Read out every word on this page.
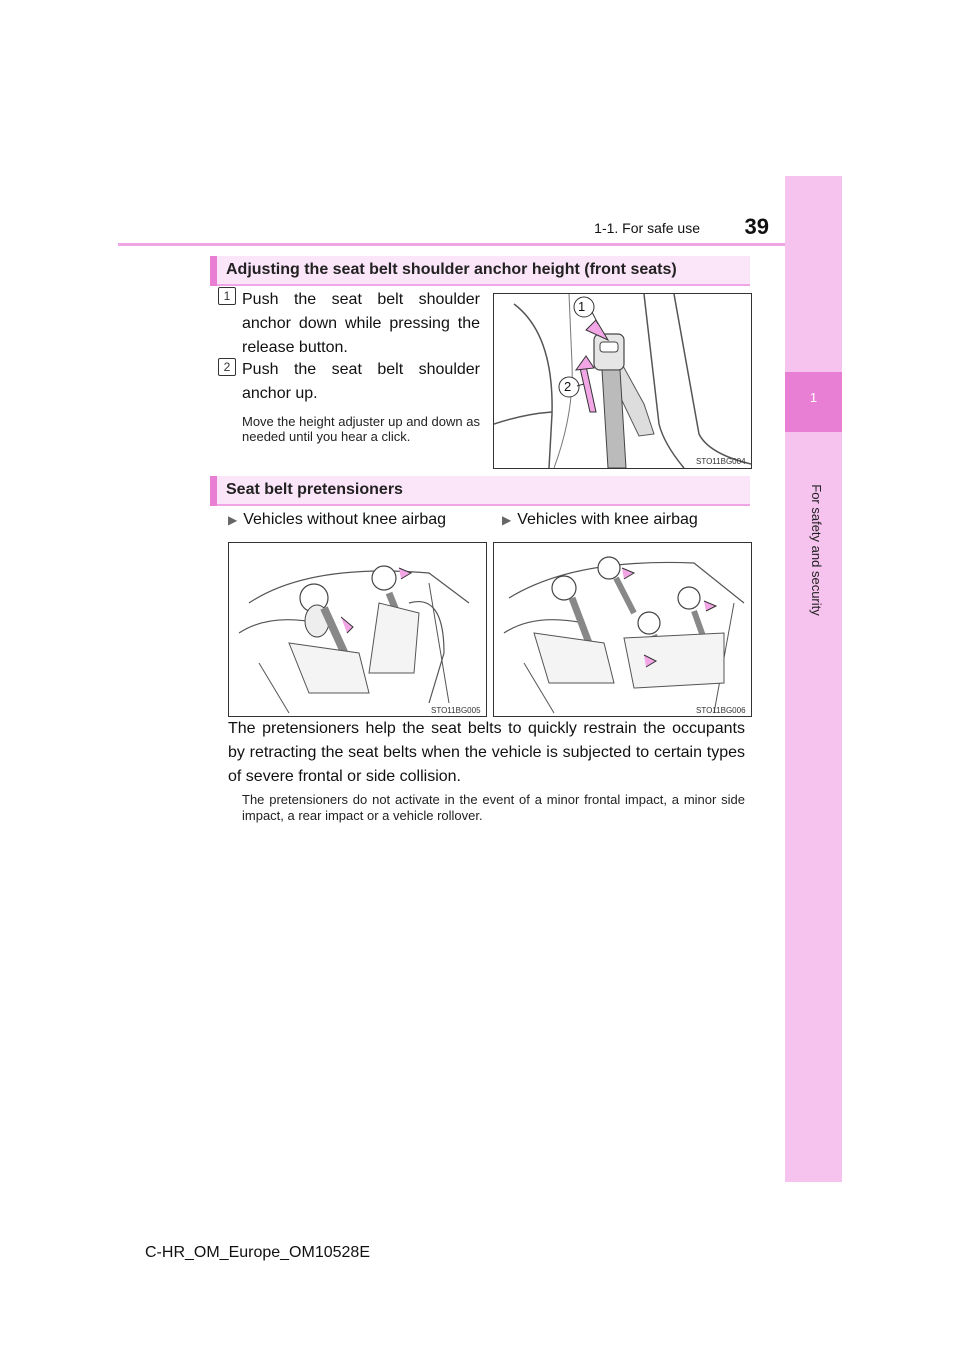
1
For safety and security
1-1. For safe use	39
Adjusting the seat belt shoulder anchor height (front seats)
1 Push the seat belt shoulder anchor down while pressing the release button.
2 Push the seat belt shoulder anchor up.
Move the height adjuster up and down as needed until you hear a click.
1
2
STO11BG004
Seat belt pretensioners
▶ Vehicles without knee airbag	▶ Vehicles with knee airbag
STO11BG005	STO11BG006
The pretensioners help the seat belts to quickly restrain the occupants by retracting the seat belts when the vehicle is subjected to certain types of severe frontal or side collision.
The pretensioners do not activate in the event of a minor frontal impact, a minor side impact, a rear impact or a vehicle rollover.
C-HR_OM_Europe_OM10528E
